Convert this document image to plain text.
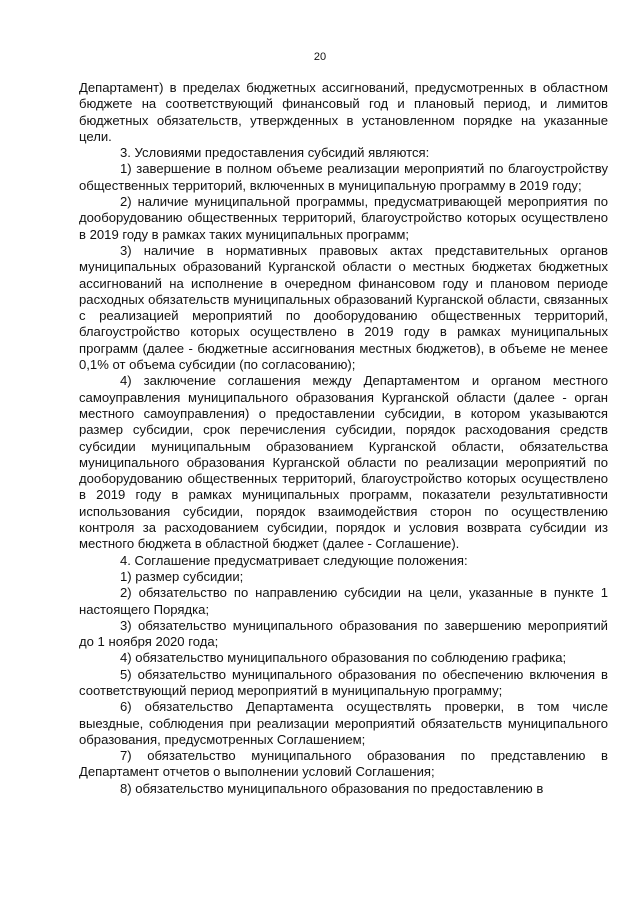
20

Департамент) в пределах бюджетных ассигнований, предусмотренных в областном бюджете на соответствующий финансовый год и плановый период, и лимитов бюджетных обязательств, утвержденных в установленном порядке на указанные цели.

3. Условиями предоставления субсидий являются:

1) завершение в полном объеме реализации мероприятий по благоустройству общественных территорий, включенных в муниципальную программу в 2019 году;

2) наличие муниципальной программы, предусматривающей мероприятия по дооборудованию общественных территорий, благоустройство которых осуществлено в 2019 году в рамках таких муниципальных программ;

3) наличие в нормативных правовых актах представительных органов муниципальных образований Курганской области о местных бюджетах бюджетных ассигнований на исполнение в очередном финансовом году и плановом периоде расходных обязательств муниципальных образований Курганской области, связанных с реализацией мероприятий по дооборудованию общественных территорий, благоустройство которых осуществлено в 2019 году в рамках муниципальных программ (далее - бюджетные ассигнования местных бюджетов), в объеме не менее 0,1% от объема субсидии (по согласованию);

4) заключение соглашения между Департаментом и органом местного самоуправления муниципального образования Курганской области (далее - орган местного самоуправления) о предоставлении субсидии, в котором указываются размер субсидии, срок перечисления субсидии, порядок расходования средств субсидии муниципальным образованием Курганской области, обязательства муниципального образования Курганской области по реализации мероприятий по дооборудованию общественных территорий, благоустройство которых осуществлено в 2019 году в рамках муниципальных программ, показатели результативности использования субсидии, порядок взаимодействия сторон по осуществлению контроля за расходованием субсидии, порядок и условия возврата субсидии из местного бюджета в областной бюджет (далее - Соглашение).

4. Соглашение предусматривает следующие положения:

1) размер субсидии;

2) обязательство по направлению субсидии на цели, указанные в пункте 1 настоящего Порядка;

3) обязательство муниципального образования по завершению мероприятий до 1 ноября 2020 года;

4) обязательство муниципального образования по соблюдению графика;

5) обязательство муниципального образования по обеспечению включения в соответствующий период мероприятий в муниципальную программу;

6) обязательство Департамента осуществлять проверки, в том числе выездные, соблюдения при реализации мероприятий обязательств муниципального образования, предусмотренных Соглашением;

7) обязательство муниципального образования по представлению в Департамент отчетов о выполнении условий Соглашения;

8) обязательство муниципального образования по предоставлению в
